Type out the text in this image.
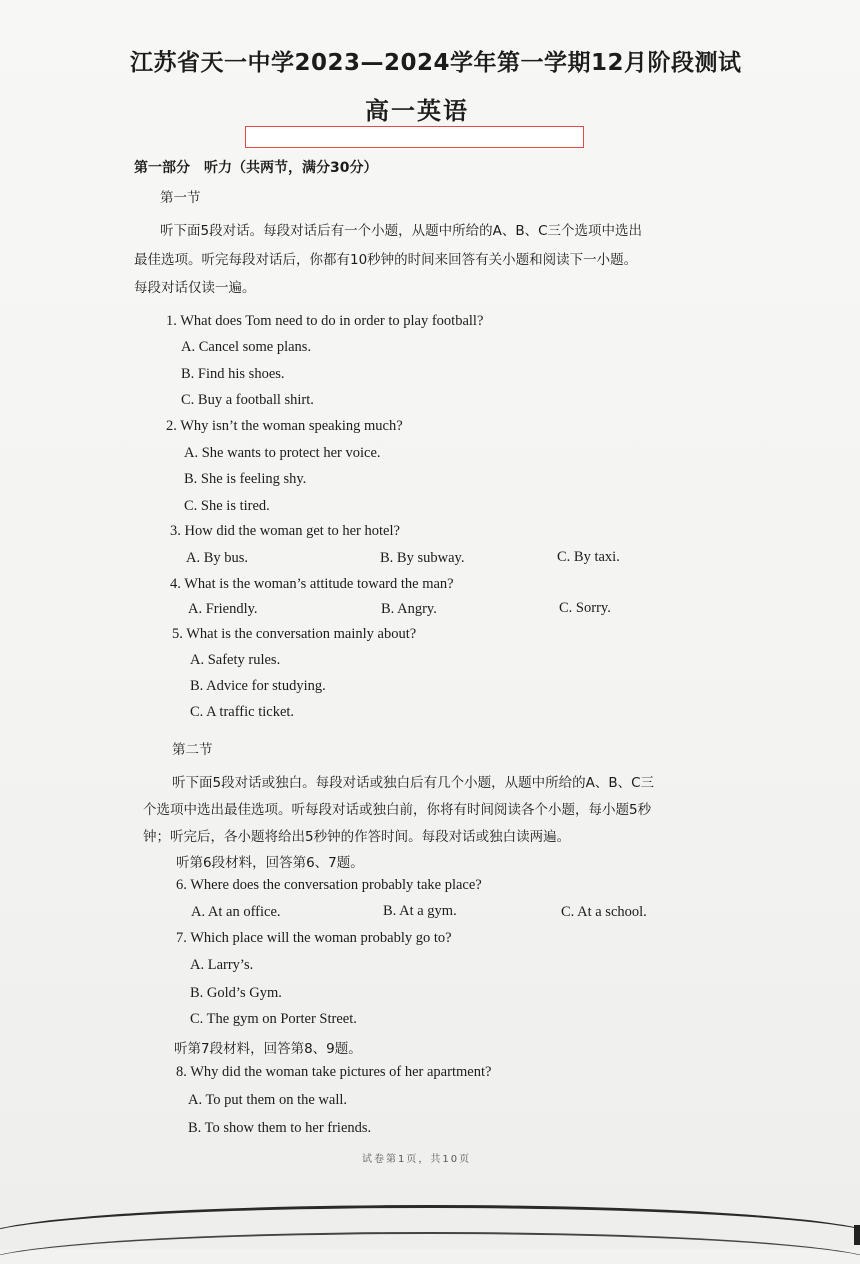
江苏省天一中学2023—2024学年第一学期12月阶段测试
高一英语
第一部分　听力（共两节，满分30分）
第一节
听下面5段对话。每段对话后有一个小题，从题中所给的A、B、C三个选项中选出
最佳选项。听完每段对话后，你都有10秒钟的时间来回答有关小题和阅读下一小题。
每段对话仅读一遍。
1. What does Tom need to do in order to play football?
A. Cancel some plans.
B. Find his shoes.
C. Buy a football shirt.
2. Why isn’t the woman speaking much?
A. She wants to protect her voice.
B. She is feeling shy.
C. She is tired.
3. How did the woman get to her hotel?
A. By bus.	B. By subway.	C. By taxi.
4. What is the woman’s attitude toward the man?
A. Friendly.	B. Angry.	C. Sorry.
5. What is the conversation mainly about?
A. Safety rules.
B. Advice for studying.
C. A traffic ticket.
第二节
听下面5段对话或独白。每段对话或独白后有几个小题，从题中所给的A、B、C三
个选项中选出最佳选项。听每段对话或独白前，你将有时间阅读各个小题，每小题5秒
钟；听完后，各小题将给出5秒钟的作答时间。每段对话或独白读两遍。
听第6段材料，回答第6、7题。
6. Where does the conversation probably take place?
A. At an office.	B. At a gym.	C. At a school.
7. Which place will the woman probably go to?
A. Larry’s.
B. Gold’s Gym.
C. The gym on Porter Street.
听第7段材料，回答第8、9题。
8. Why did the woman take pictures of her apartment?
A. To put them on the wall.
B. To show them to her friends.
试卷第1页，共10页
